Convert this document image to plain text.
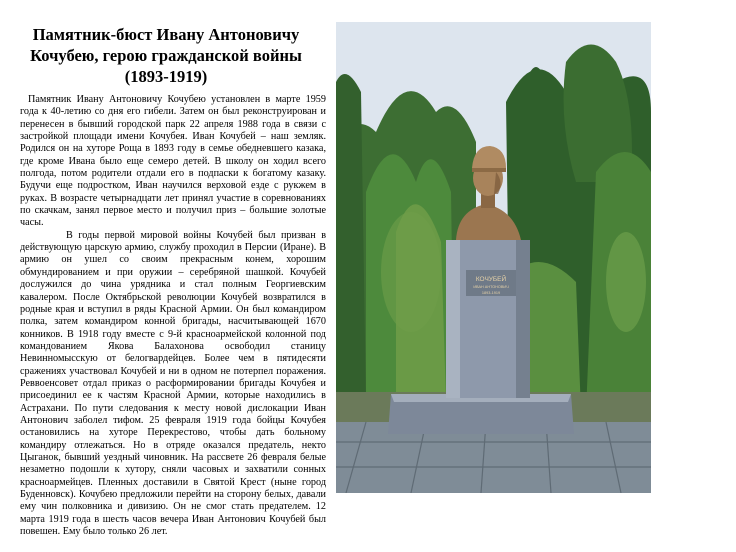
Памятник-бюст Ивану Антоновичу Кочубею, герою гражданской войны (1893-1919)

Памятник Ивану Антоновичу Кочубею установлен в марте 1959 года к 40-летию со дня его гибели. Затем он был реконструирован и перенесен в бывший городской парк 22 апреля 1988 года в связи с застройкой площади имени Кочубея. Иван Кочубей – наш земляк. Родился он на хуторе Роща в 1893 году в семье обедневшего казака, где кроме Ивана было еще семеро детей. В школу он ходил всего полгода, потом родители отдали его в подпаски к богатому казаку. Будучи еще подростком, Иван научился верховой езде с рукжем в руках. В возрасте четырнадцати лет принял участие в соревнованиях по скачкам, занял первое место и получил приз – большие золотые часы.

В годы первой мировой войны Кочубей был призван в действующую царскую армию, службу проходил в Персии (Иране). В армию он ушел со своим прекрасным конем, хорошим обмундированием и при оружии – серебряной шашкой. Кочубей дослужился до чина урядника и стал полным Георгиевским кавалером. После Октябрьской революции Кочубей возвратился в родные края и вступил в ряды Красной Армии. Он был командиром полка, затем командиром конной бригады, насчитывающей 1670 конников. В 1918 году вместе с 9-й красноармейской колонной под командованием Якова Балахонова освободил станицу Невинномысскую от белогвардейцев. Более чем в пятидесяти сражениях участвовал Кочубей и ни в одном не потерпел поражения. Реввоенсовет отдал приказ о расформировании бригады Кочубея и присоединил ее к частям Красной Армии, которые находились в Астрахани. По пути следования к месту новой дислокации Иван Антонович заболел тифом. 25 февраля 1919 года бойцы Кочубея остановились на хуторе Перекрестово, чтобы дать больному командиру отлежаться. Но в отряде оказался предатель, некто Цыганок, бывший уездный чиновник. На рассвете 26 февраля белые незаметно подошли к хутору, сняли часовых и захватили сонных красноармейцев. Пленных доставили в Святой Крест (ныне город Буденновск). Кочубею предложили перейти на сторону белых, давали ему чин полковника и дивизию. Он не смог стать предателем. 12 марта 1919 года в шесть часов вечера Иван Антонович Кочубей был повешен. Ему было только 26 лет.

КОЧУБЕЙ
ИВАН АНТОНОВИЧ
1893-1919
